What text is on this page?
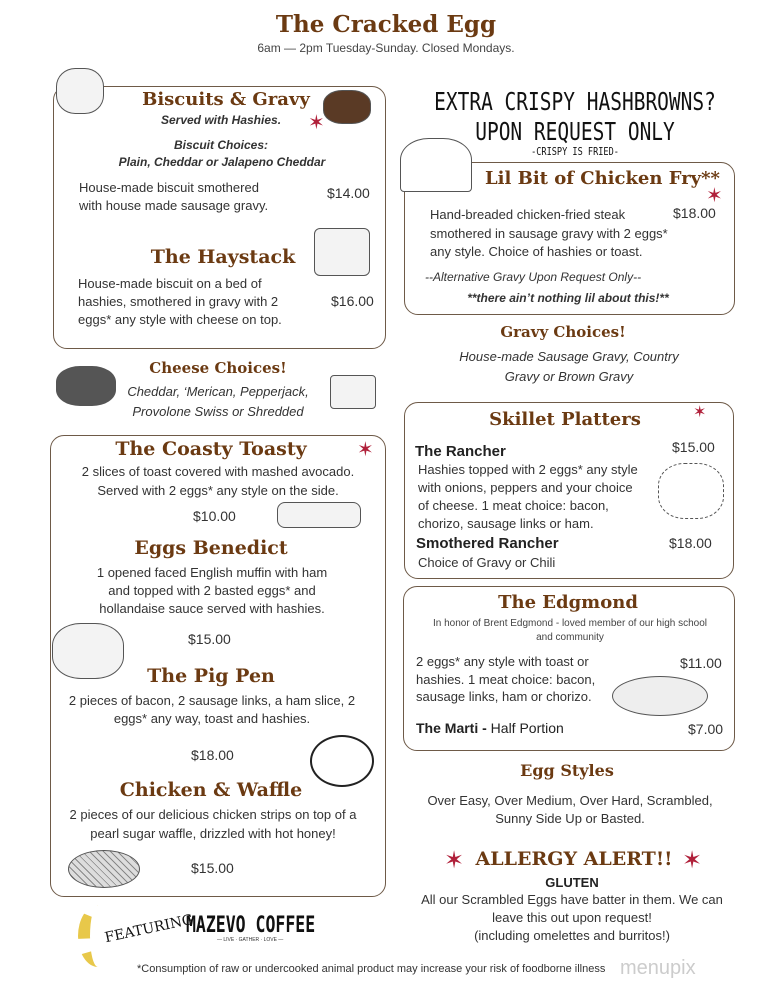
The Cracked Egg
6am — 2pm Tuesday-Sunday. Closed Mondays.
Biscuits & Gravy
Served with Hashies. ✶
Biscuit Choices:
Plain, Cheddar or Jalapeno Cheddar
House-made biscuit smothered
with house made sausage gravy.
$14.00
The Haystack
House-made biscuit on a bed of
hashies, smothered in gravy with 2
eggs* any style with cheese on top.
$16.00
Cheese Choices!
Cheddar, ‘Merican, Pepperjack,
Provolone Swiss or Shredded
The Coasty Toasty	✶
2 slices of toast covered with mashed avocado.
Served with 2 eggs* any style on the side.
$10.00
Eggs Benedict
1 opened faced English muffin with ham
and topped with 2 basted eggs* and
hollandaise sauce served with hashies.
$15.00
The Pig Pen
2 pieces of bacon, 2 sausage links, a ham slice, 2
eggs* any way, toast and hashies.
$18.00
Chicken & Waffle
2 pieces of our delicious chicken strips on top of a
pearl sugar waffle, drizzled with hot honey!
$15.00
FEATURING
MAZEVO COFFEE
— LIVE · GATHER · LOVE —
*Consumption of raw or undercooked animal product may increase your risk of foodborne illness menupix
EXTRA CRISPY HASHBROWNS?
UPON REQUEST ONLY
-CRISPY IS FRIED-
Lil Bit of Chicken Fry**
✶
Hand-breaded chicken-fried steak
smothered in sausage gravy with 2 eggs*
any style. Choice of hashies or toast.
$18.00
--Alternative Gravy Upon Request Only--
**there ain’t nothing lil about this!**
Gravy Choices!
House-made Sausage Gravy, Country
Gravy or Brown Gravy
Skillet Platters	✶
The Rancher	$15.00
Hashies topped with 2 eggs* any style
with onions, peppers and your choice
of cheese. 1 meat choice: bacon,
chorizo, sausage links or ham.
Smothered Rancher	$18.00
Choice of Gravy or Chili
The Edgmond
In honor of Brent Edgmond - loved member of our high school
and community
2 eggs* any style with toast or
hashies. 1 meat choice: bacon,
sausage links, ham or chorizo.
$11.00
The Marti - Half Portion	$7.00
Egg Styles
Over Easy, Over Medium, Over Hard, Scrambled,
Sunny Side Up or Basted.
✶ ALLERGY ALERT!! ✶
GLUTEN
All our Scrambled Eggs have batter in them. We can
leave this out upon request!
(including omelettes and burritos!)
